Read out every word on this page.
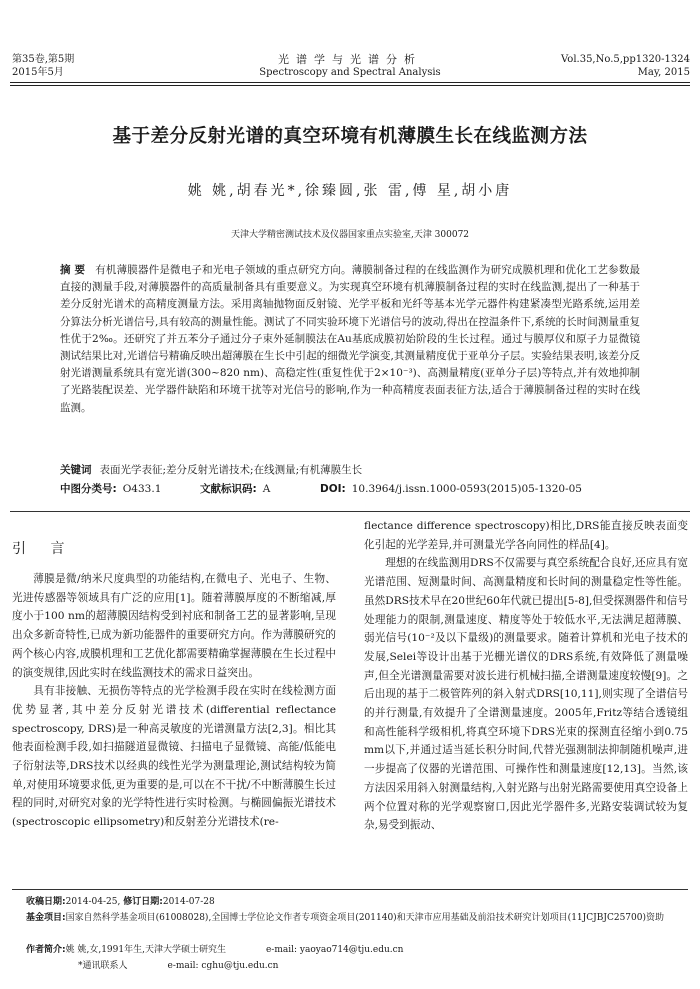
第35卷,第5期
2015年5月
光谱学与光谱分析
Spectroscopy and Spectral Analysis
Vol.35,No.5,pp1320-1324
May, 2015
基于差分反射光谱的真空环境有机薄膜生长在线监测方法
姚 姚,胡春光*,徐臻圆,张 雷,傅 星,胡小唐
天津大学精密测试技术及仪器国家重点实验室,天津 300072
摘 要 有机薄膜器件是微电子和光电子领域的重点研究方向。薄膜制备过程的在线监测作为研究成膜机理和优化工艺参数最直接的测量手段,对薄膜器件的高质量制备具有重要意义。为实现真空环境有机薄膜制备过程的实时在线监测,提出了一种基于差分反射光谱术的高精度测量方法。采用离轴抛物面反射镜、光学平板和光纤等基本光学元器件构建紧凑型光路系统,运用差分算法分析光谱信号,具有较高的测量性能。测试了不同实验环境下光谱信号的波动,得出在控温条件下,系统的长时间测量重复性优于2‰。还研究了并五苯分子通过分子束外延制膜法在Au基底成膜初始阶段的生长过程。通过与膜厚仪和原子力显微镜测试结果比对,光谱信号精确反映出超薄膜在生长中引起的细微光学演变,其测量精度优于亚单分子层。实验结果表明,该差分反射光谱测量系统具有宽光谱(300~820 nm)、高稳定性(重复性优于2×10⁻³)、高测量精度(亚单分子层)等特点,并有效地抑制了光路装配误差、光学器件缺陷和环境干扰等对光信号的影响,作为一种高精度表面表征方法,适合于薄膜制备过程的实时在线监测。
关键词 表面光学表征;差分反射光谱技术;在线测量;有机薄膜生长
中图分类号: O433.1	文献标识码: A	DOI: 10.3964/j.issn.1000-0593(2015)05-1320-05
引 言

薄膜是微/纳米尺度典型的功能结构,在微电子、光电子、生物、光进传感器等领域具有广泛的应用[1]。随着薄膜厚度的不断缩减,厚度小于100 nm的超薄膜因结构受到衬底和制备工艺的显著影响,呈现出众多新奇特性,已成为新功能器件的重要研究方向。作为薄膜研究的两个核心内容,成膜机理和工艺优化都需要精确掌握薄膜在生长过程中的演变规律,因此实时在线监测技术的需求日益突出。

具有非接触、无损伤等特点的光学检测手段在实时在线检测方面优势显著,其中差分反射光谱技术(differential reflectance spectroscopy, DRS)是一种高灵敏度的光谱测量方法[2,3]。相比其他表面检测手段,如扫描隧道显微镜、扫描电子显微镜、高能/低能电子衍射法等,DRS技术以经典的线性光学为测量理论,测试结构较为简单,对使用环境要求低,更为重要的是,可以在不干扰/不中断薄膜生长过程的同时,对研究对象的光学特性进行实时检测。与椭圆偏振光谱技术(spectroscopic ellipsometry)和反射差分光谱技术(re-

flectance difference spectroscopy)相比,DRS能直接反映表面变化引起的光学差异,并可测量光学各向同性的样品[4]。

理想的在线监测用DRS不仅需要与真空系统配合良好,还应具有宽光谱范围、短测量时间、高测量精度和长时间的测量稳定性等性能。虽然DRS技术早在20世纪60年代就已提出[5-8],但受探测器件和信号处理能力的限制,测量速度、精度等处于较低水平,无法满足超薄膜、弱光信号(10⁻²及以下量级)的测量要求。随着计算机和光电子技术的发展,Selei等设计出基于光栅光谱仪的DRS系统,有效降低了测量噪声,但全光谱测量需要对波长进行机械扫描,全谱测量速度较慢[9]。之后出现的基于二极管阵列的斜入射式DRS[10,11],则实现了全谱信号的并行测量,有效提升了全谱测量速度。2005年,Fritz等结合透镜组和高性能科学级相机,将真空环境下DRS光束的探测直径缩小到0.75 mm以下,并通过适当延长积分时间,代替光强测制法抑制随机噪声,进一步提高了仪器的光谱范围、可操作性和测量速度[12,13]。当然,该方法因采用斜入射测量结构,入射光路与出射光路需要使用真空设备上两个位置对称的光学观察窗口,因此光学器件多,光路安装调试较为复杂,易受到振动、

收稿日期:2014-04-25, 修订日期:2014-07-28
基金项目:国家自然科学基金项目(61008028),全国博士学位论文作者专项资金项目(201140)和天津市应用基础及前沿技术研究计划项目(11JCJBJC25700)资助
作者简介:姚 姚,女,1991年生,天津大学硕士研究生	e-mail: yaoyao714@tju.edu.cn
*通讯联系人	e-mail: cghu@tju.edu.cn
